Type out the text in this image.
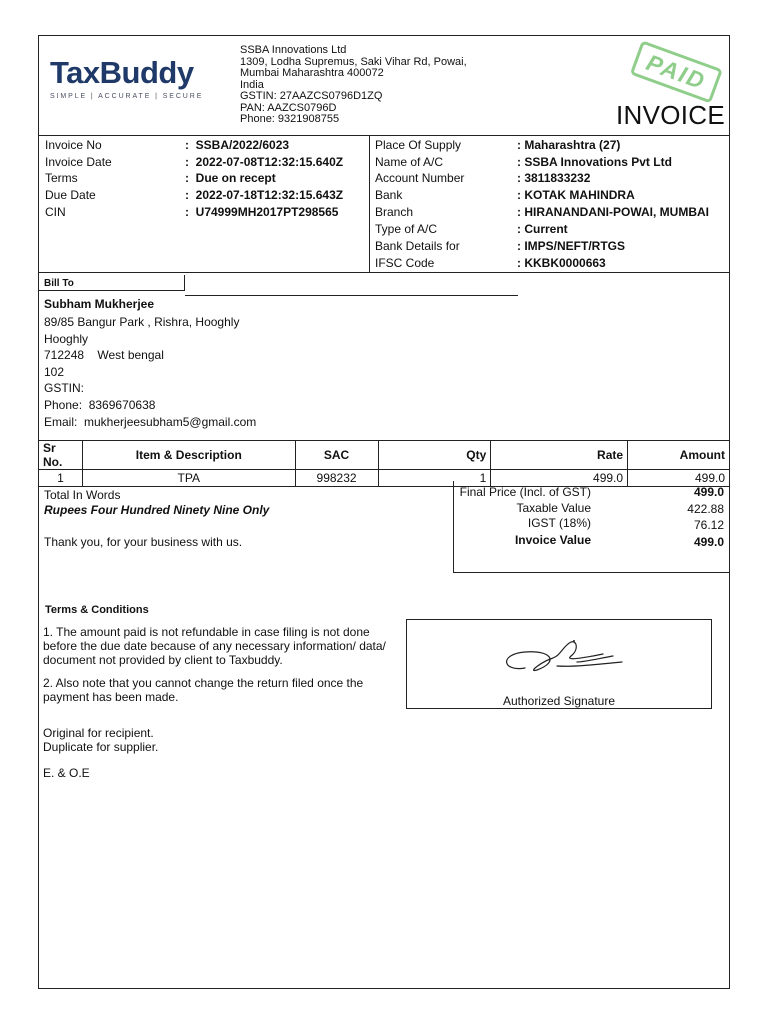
TaxBuddy
SIMPLE | ACCURATE | SECURE
SSBA Innovations Ltd
1309, Lodha Supremus, Saki Vihar Rd, Powai,
Mumbai Maharashtra 400072
India
GSTIN: 27AAZCS0796D1ZQ
PAN: AAZCS0796D
Phone: 9321908755
PAID
INVOICE
Invoice No	:  SSBA/2022/6023
Invoice Date	:  2022-07-08T12:32:15.640Z
Terms	:  Due on recept
Due Date	:  2022-07-18T12:32:15.643Z
CIN	:  U74999MH2017PT298565
Place Of Supply	: Maharashtra (27)
Name of A/C	: SSBA Innovations Pvt Ltd
Account Number	: 3811833232
Bank	: KOTAK MAHINDRA
Branch	: HIRANANDANI-POWAI, MUMBAI
Type of A/C	: Current
Bank Details for	: IMPS/NEFT/RTGS
IFSC Code	: KKBK0000663
Bill To
Subham Mukherjee
89/85 Bangur Park , Rishra, Hooghly
Hooghly
712248    West bengal
102
GSTIN:
Phone:  8369670638
Email:  mukherjeesubham5@gmail.com
Sr No.	Item & Description	SAC	Qty	Rate	Amount
1	TPA	998232	1	499.0	499.0
Total In Words
Rupees Four Hundred Ninety Nine Only
Thank you, for your business with us.
Final Price (Incl. of GST)	499.0
Taxable Value	422.88
IGST (18%)	76.12
Invoice Value	499.0
Terms & Conditions
1. The amount paid is not refundable in case filing is not done
before the due date because of any necessary information/ data/
document not provided by client to Taxbuddy.
2. Also note that you cannot change the return filed once the
payment has been made.
Original for recipient.
Duplicate for supplier.
E. & O.E
Authorized Signature
